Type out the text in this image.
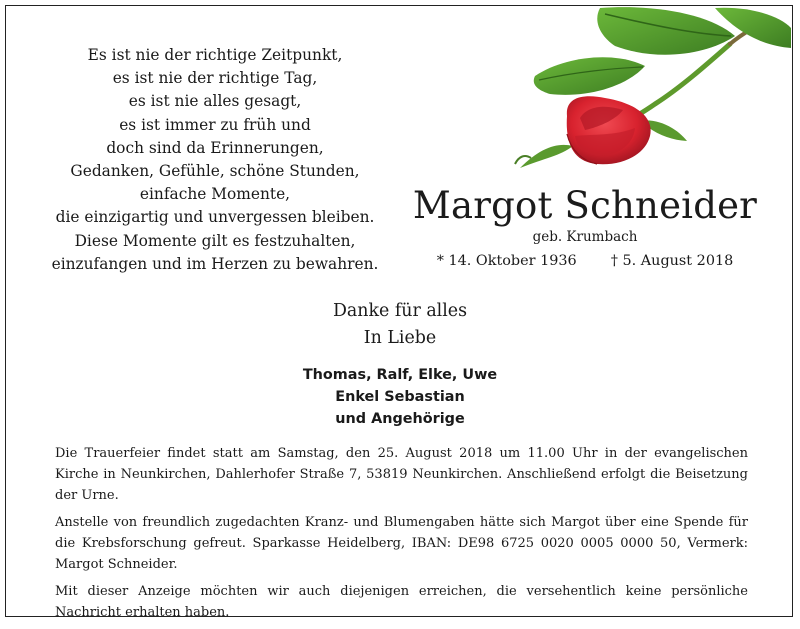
Es ist nie der richtige Zeitpunkt,
es ist nie der richtige Tag,
es ist nie alles gesagt,
es ist immer zu früh und
doch sind da Erinnerungen,
Gedanken, Gefühle, schöne Stunden,
einfache Momente,
die einzigartig und unvergessen bleiben.
Diese Momente gilt es festzuhalten,
einzufangen und im Herzen zu bewahren.
Margot Schneider
geb. Krumbach
* 14. Oktober 1936 † 5. August 2018
Danke für alles
In Liebe
Thomas, Ralf, Elke, Uwe
Enkel Sebastian
und Angehörige

Die Trauerfeier findet statt am Samstag, den 25. August 2018 um 11.00 Uhr in der evangelischen Kirche in Neunkirchen, Dahlerhofer Straße 7, 53819 Neunkirchen. Anschließend erfolgt die Beisetzung der Urne.

Anstelle von freundlich zugedachten Kranz- und Blumengaben hätte sich Margot über eine Spende für die Krebsforschung gefreut. Sparkasse Heidelberg, IBAN: DE98 6725 0020 0005 0000 50, Vermerk: Margot Schneider.

Mit dieser Anzeige möchten wir auch diejenigen erreichen, die versehentlich keine persönliche Nachricht erhalten haben.
